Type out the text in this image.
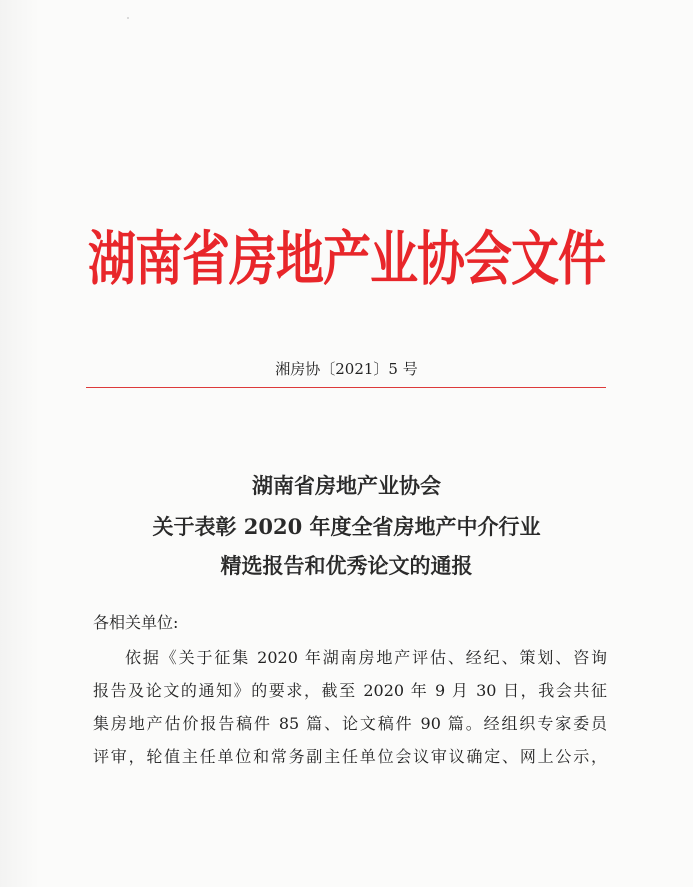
湖南省房地产业协会文件
湘房协〔2021〕5 号
湖南省房地产业协会
关于表彰 2020 年度全省房地产中介行业
精选报告和优秀论文的通报
各相关单位:
依据《关于征集 2020 年湖南房地产评估、经纪、策划、咨询
报告及论文的通知》的要求，截至 2020 年 9 月 30 日，我会共征
集房地产估价报告稿件 85 篇、论文稿件 90 篇。经组织专家委员
评审，轮值主任单位和常务副主任单位会议审议确定、网上公示，
